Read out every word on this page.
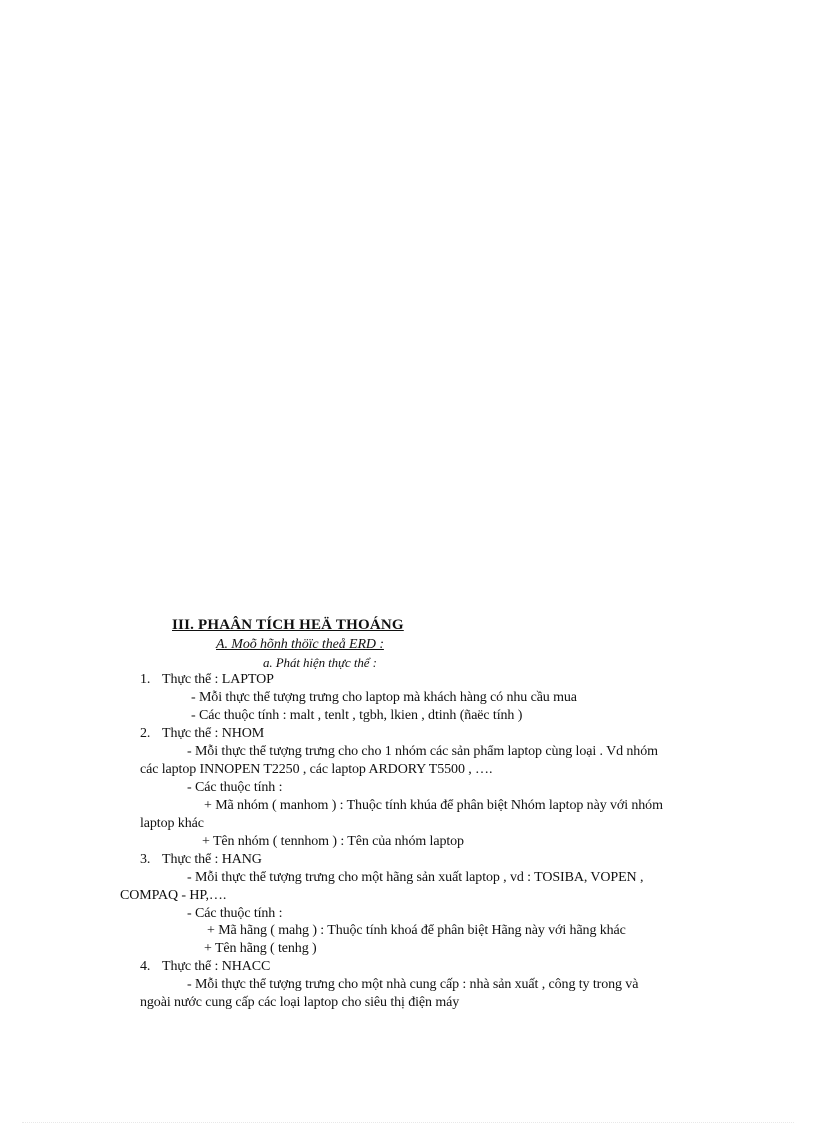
III. PHAÂN TÍCH HEÄ THOÁNG
A. Moõ hõnh thöïc theå ERD :
a. Phát hiện thực thể :
1. Thực thể : LAPTOP
- Mỗi thực thể tượng trưng cho laptop mà khách hàng có nhu cầu mua
- Các thuộc tính : malt , tenlt , tgbh, lkien , dtinh (ñaëc tính )
2. Thực thể : NHOM
- Mỗi thực thể tượng trưng cho cho 1 nhóm các sản phẩm laptop cùng loại . Vd nhóm
các laptop INNOPEN T2250 , các laptop ARDORY T5500 , ….
- Các thuộc tính :
+ Mã nhóm ( manhom ) : Thuộc tính khúa để phân biệt Nhóm laptop này với nhóm
laptop khác
+ Tên nhóm ( tennhom ) : Tên của nhóm laptop
3. Thực thể : HANG
- Mỗi thực thể tượng trưng cho một hãng sản xuất laptop , vd : TOSIBA, VOPEN ,
COMPAQ - HP,….
- Các thuộc tính :
+ Mã hãng ( mahg ) : Thuộc tính khoá để phân biệt Hãng này với hãng khác
+ Tên hãng ( tenhg )
4. Thực thể : NHACC
- Mỗi thực thể tượng trưng cho một nhà cung cấp : nhà sản xuất , công ty trong và
ngoài nước cung cấp các loại laptop cho siêu thị điện máy
